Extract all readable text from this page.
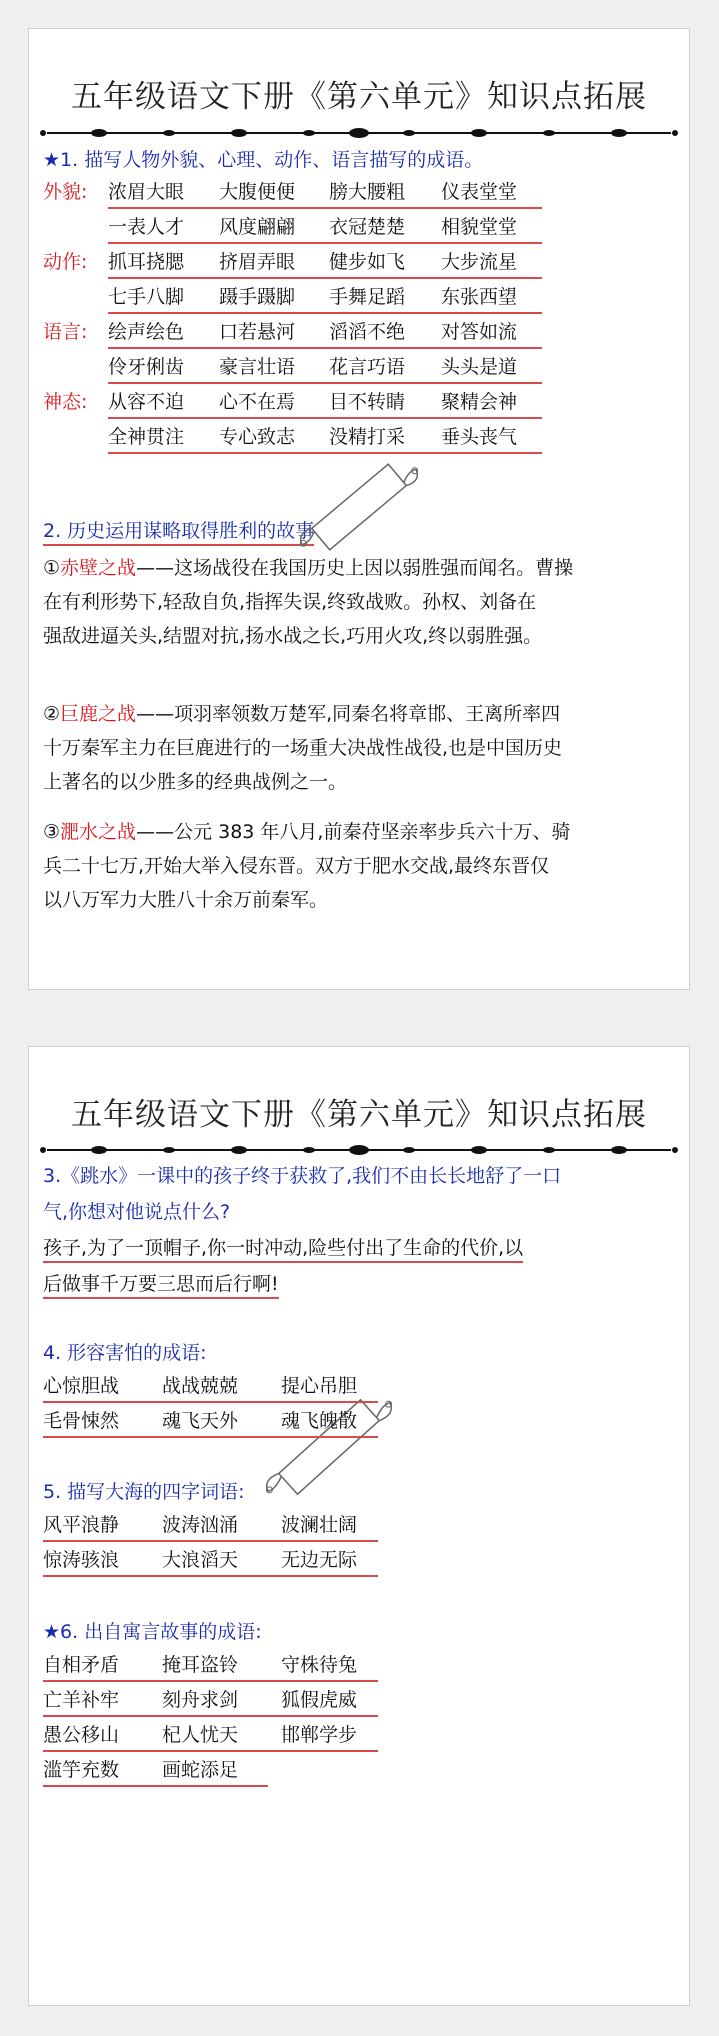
五年级语文下册《第六单元》知识点拓展
★1. 描写人物外貌、心理、动作、语言描写的成语。
2. 历史运用谋略取得胜利的故事
外貌: 浓眉大眼 大腹便便 膀大腰粗 仪表堂堂
一表人才 风度翩翩 衣冠楚楚 相貌堂堂
动作: 抓耳挠腮 挤眉弄眼 健步如飞 大步流星
七手八脚 蹑手蹑脚 手舞足蹈 东张西望
语言: 绘声绘色 口若悬河 滔滔不绝 对答如流
伶牙俐齿 豪言壮语 花言巧语 头头是道
神态: 从容不迫 心不在焉 目不转睛 聚精会神
全神贯注 专心致志 没精打采 垂头丧气
①赤壁之战——这场战役在我国历史上因以弱胜强而闻名。曹操
在有利形势下,轻敌自负,指挥失误,终致战败。孙权、刘备在
强敌进逼关头,结盟对抗,扬水战之长,巧用火攻,终以弱胜强。
②巨鹿之战——项羽率领数万楚军,同秦名将章邯、王离所率四
十万秦军主力在巨鹿进行的一场重大决战性战役,也是中国历史
上著名的以少胜多的经典战例之一。
③淝水之战——公元 383 年八月,前秦苻坚亲率步兵六十万、骑
兵二十七万,开始大举入侵东晋。双方于肥水交战,最终东晋仅
以八万军力大胜八十余万前秦军。
五年级语文下册《第六单元》知识点拓展
3.《跳水》一课中的孩子终于获救了,我们不由长长地舒了一口
气,你想对他说点什么?
孩子,为了一顶帽子,你一时冲动,险些付出了生命的代价,以
后做事千万要三思而后行啊!
4. 形容害怕的成语:
5. 描写大海的四字词语:
★6. 出自寓言故事的成语:
心惊胆战 战战兢兢 提心吊胆
毛骨悚然 魂飞天外 魂飞魄散
风平浪静 波涛汹涌 波澜壮阔
惊涛骇浪 大浪滔天 无边无际
自相矛盾 掩耳盗铃 守株待兔
亡羊补牢 刻舟求剑 狐假虎威
愚公移山 杞人忧天 邯郸学步
滥竽充数 画蛇添足
